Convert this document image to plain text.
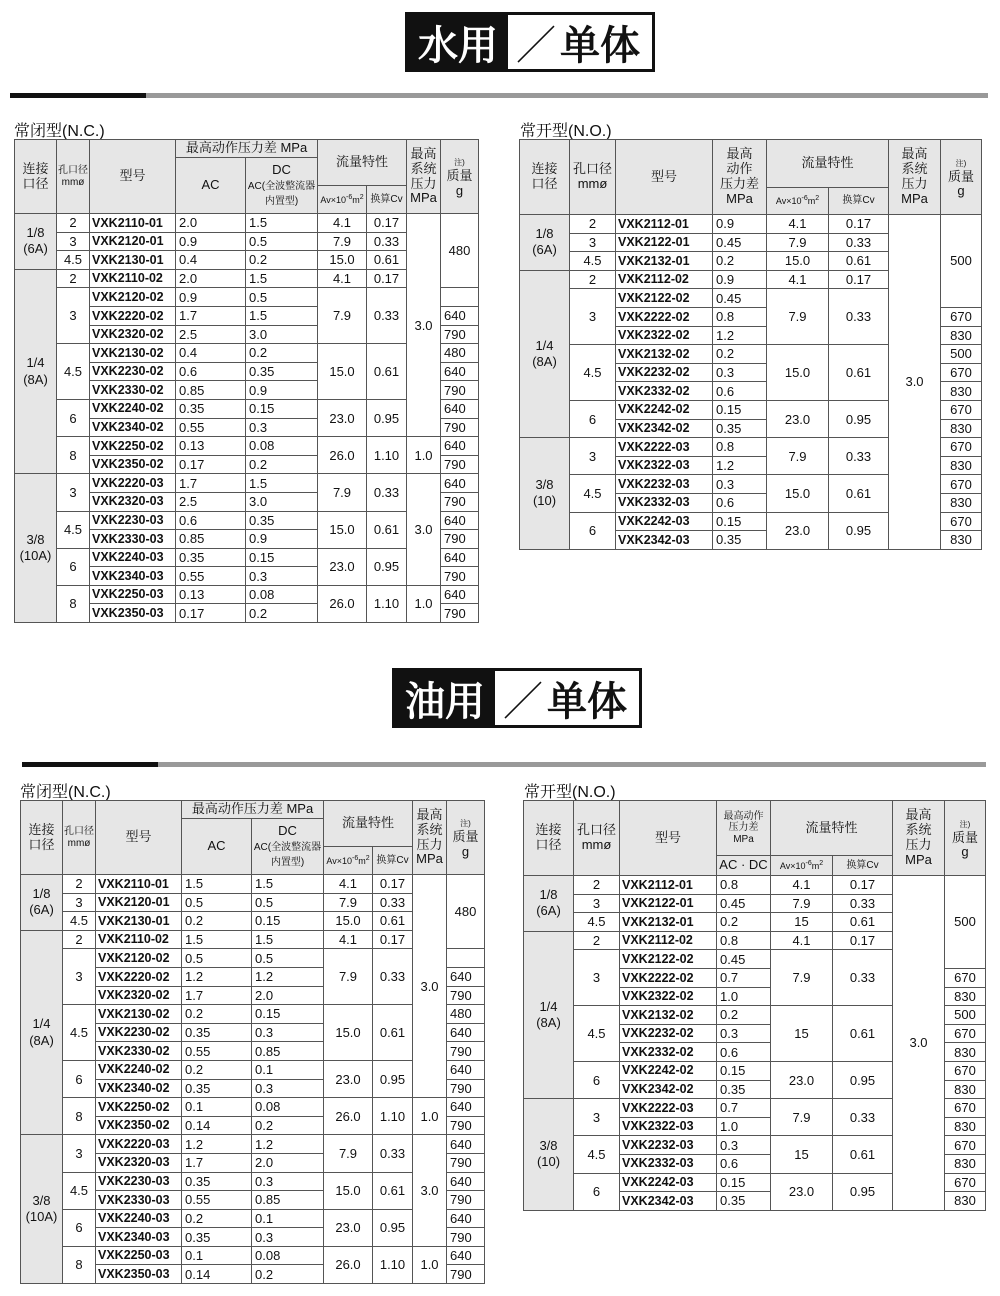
水用 ／ 单体
常闭型(N.C.)	常开型(N.O.)
连接
口径	孔口径
mmø	型号	最高动作压力差 MPa		流量特性		最高
系统
压力
MPa	注)
质量
g
			AC	DC
AC(全波整流器
内置型)				
					$Av\times 10^{-6}m^2$	换算Cv		
1/8
(6A)	2	VXK2110-01	2.0	1.5	4.1	0.17	3.0	480
	3	VXK2120-01	0.9	0.5	7.9	0.33		
	4.5	VXK2130-01	0.4	0.2	15.0	0.61		
1/4
(8A)	2	VXK2110-02	2.0	1.5	4.1	0.17		
	3	VXK2120-02	0.9	0.5	7.9	0.33		
		VXK2220-02	1.7	1.5				640
		VXK2320-02	2.5	3.0				790
	4.5	VXK2130-02	0.4	0.2	15.0	0.61		480
		VXK2230-02	0.6	0.35				640
		VXK2330-02	0.85	0.9				790
	6	VXK2240-02	0.35	0.15	23.0	0.95		640
		VXK2340-02	0.55	0.3				790
	8	VXK2250-02	0.13	0.08	26.0	1.10	1.0	640
		VXK2350-02	0.17	0.2				790
3/8
(10A)	3	VXK2220-03	1.7	1.5	7.9	0.33	3.0	640
		VXK2320-03	2.5	3.0				790
	4.5	VXK2230-03	0.6	0.35	15.0	0.61		640
		VXK2330-03	0.85	0.9				790
	6	VXK2240-03	0.35	0.15	23.0	0.95		640
		VXK2340-03	0.55	0.3				790
	8	VXK2250-03	0.13	0.08	26.0	1.10	1.0	640
		VXK2350-03	0.17	0.2				790
连接
口径	孔口径
mmø	型号	最高
动作
压力差
MPa	流量特性		最高
系统
压力
MPa	注)
质量
g
				$Av\times 10^{-6}m^2$	换算Cv		
1/8
(6A)	2	VXK2112-01	0.9	4.1	0.17	3.0	500
	3	VXK2122-01	0.45	7.9	0.33		
	4.5	VXK2132-01	0.2	15.0	0.61		
1/4
(8A)	2	VXK2112-02	0.9	4.1	0.17		
	3	VXK2122-02	0.45	7.9	0.33		
		VXK2222-02	0.8				670
		VXK2322-02	1.2				830
	4.5	VXK2132-02	0.2	15.0	0.61		500
		VXK2232-02	0.3				670
		VXK2332-02	0.6				830
	6	VXK2242-02	0.15	23.0	0.95		670
		VXK2342-02	0.35				830
3/8
(10)	3	VXK2222-03	0.8	7.9	0.33		670
		VXK2322-03	1.2				830
	4.5	VXK2232-03	0.3	15.0	0.61		670
		VXK2332-03	0.6				830
	6	VXK2242-03	0.15	23.0	0.95		670
		VXK2342-03	0.35				830
油用 ／ 单体
常闭型(N.C.)	常开型(N.O.)
连接
口径	孔口径
mmø	型号	最高动作压力差 MPa		流量特性		最高
系统
压力
MPa	注)
质量
g
			AC	DC
AC(全波整流器
内置型)				
					$Av\times 10^{-6}m^2$	换算Cv		
1/8
(6A)	2	VXK2110-01	1.5	1.5	4.1	0.17	3.0	480
	3	VXK2120-01	0.5	0.5	7.9	0.33		
	4.5	VXK2130-01	0.2	0.15	15.0	0.61		
1/4
(8A)	2	VXK2110-02	1.5	1.5	4.1	0.17		
	3	VXK2120-02	0.5	0.5	7.9	0.33		
		VXK2220-02	1.2	1.2				640
		VXK2320-02	1.7	2.0				790
	4.5	VXK2130-02	0.2	0.15	15.0	0.61		480
		VXK2230-02	0.35	0.3				640
		VXK2330-02	0.55	0.85				790
	6	VXK2240-02	0.2	0.1	23.0	0.95		640
		VXK2340-02	0.35	0.3				790
	8	VXK2250-02	0.1	0.08	26.0	1.10	1.0	640
		VXK2350-02	0.14	0.2				790
3/8
(10A)	3	VXK2220-03	1.2	1.2	7.9	0.33	3.0	640
		VXK2320-03	1.7	2.0				790
	4.5	VXK2230-03	0.35	0.3	15.0	0.61		640
		VXK2330-03	0.55	0.85				790
	6	VXK2240-03	0.2	0.1	23.0	0.95		640
		VXK2340-03	0.35	0.3				790
	8	VXK2250-03	0.1	0.08	26.0	1.10	1.0	640
		VXK2350-03	0.14	0.2				790
连接
口径	孔口径
mmø	型号	最高动作
压力差
MPa	流量特性		最高
系统
压力
MPa	注)
质量
g
			AC · DC	$Av\times 10^{-6}m^2$	换算Cv		
1/8
(6A)	2	VXK2112-01	0.8	4.1	0.17	3.0	500
	3	VXK2122-01	0.45	7.9	0.33		
	4.5	VXK2132-01	0.2	15	0.61		
1/4
(8A)	2	VXK2112-02	0.8	4.1	0.17		
	3	VXK2122-02	0.45	7.9	0.33		
		VXK2222-02	0.7				670
		VXK2322-02	1.0				830
	4.5	VXK2132-02	0.2	15	0.61		500
		VXK2232-02	0.3				670
		VXK2332-02	0.6				830
	6	VXK2242-02	0.15	23.0	0.95		670
		VXK2342-02	0.35				830
3/8
(10)	3	VXK2222-03	0.7	7.9	0.33		670
		VXK2322-03	1.0				830
	4.5	VXK2232-03	0.3	15	0.61		670
		VXK2332-03	0.6				830
	6	VXK2242-03	0.15	23.0	0.95		670
		VXK2342-03	0.35				830
